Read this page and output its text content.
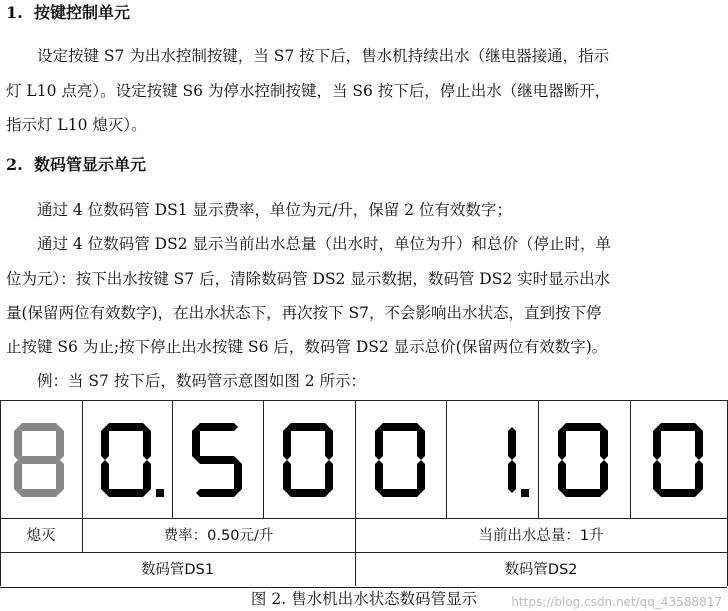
1. 按键控制单元
设定按键 S7 为出水控制按键，当 S7 按下后，售水机持续出水（继电器接通，指示
灯 L10 点亮）。设定按键 S6 为停水控制按键，当 S6 按下后，停止出水（继电器断开，
指示灯 L10 熄灭）。
2. 数码管显示单元
通过 4 位数码管 DS1 显示费率，单位为元/升，保留 2 位有效数字；
通过 4 位数码管 DS2 显示当前出水总量（出水时，单位为升）和总价（停止时，单
位为元）：按下出水按键 S7 后，清除数码管 DS2 显示数据，数码管 DS2 实时显示出水
量(保留两位有效数字)，在出水状态下，再次按下 S7，不会影响出水状态，直到按下停
止按键 S6 为止;按下停止出水按键 S6 后，数码管 DS2 显示总价(保留两位有效数字)。
例：当 S7 按下后，数码管示意图如图 2 所示：
熄灭	费率：0.50元/升	当前出水总量：1升
数码管DS1	数码管DS2
图 2. 售水机出水状态数码管显示	https://blog.csdn.net/qq_43588817
